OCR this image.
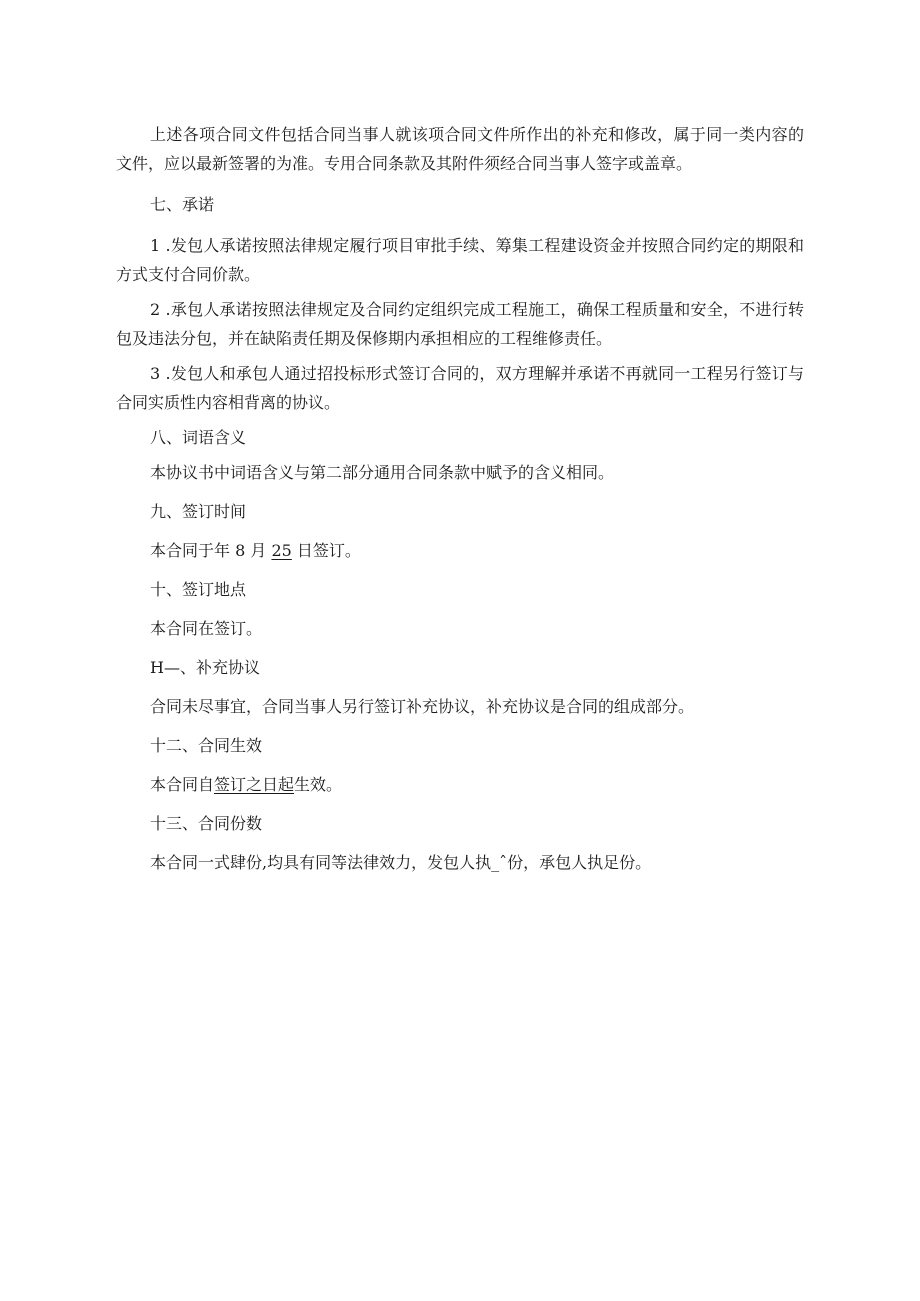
上述各项合同文件包括合同当事人就该项合同文件所作出的补充和修改，属于同一类内容的文件，应以最新签署的为准。专用合同条款及其附件须经合同当事人签字或盖章。

七、承诺

1 .发包人承诺按照法律规定履行项目审批手续、筹集工程建设资金并按照合同约定的期限和方式支付合同价款。

2 .承包人承诺按照法律规定及合同约定组织完成工程施工，确保工程质量和安全，不进行转包及违法分包，并在缺陷责任期及保修期内承担相应的工程维修责任。

3 .发包人和承包人通过招投标形式签订合同的，双方理解并承诺不再就同一工程另行签订与合同实质性内容相背离的协议。

八、词语含义

本协议书中词语含义与第二部分通用合同条款中赋予的含义相同。

九、签订时间

本合同于年 8 月 25 日签订。

十、签订地点

本合同在签订。

H—、补充协议

合同未尽事宜，合同当事人另行签订补充协议，补充协议是合同的组成部分。

十二、合同生效

本合同自签订之日起生效。

十三、合同份数

本合同一式肆份,均具有同等法律效力，发包人执_ˆ份，承包人执足份。
